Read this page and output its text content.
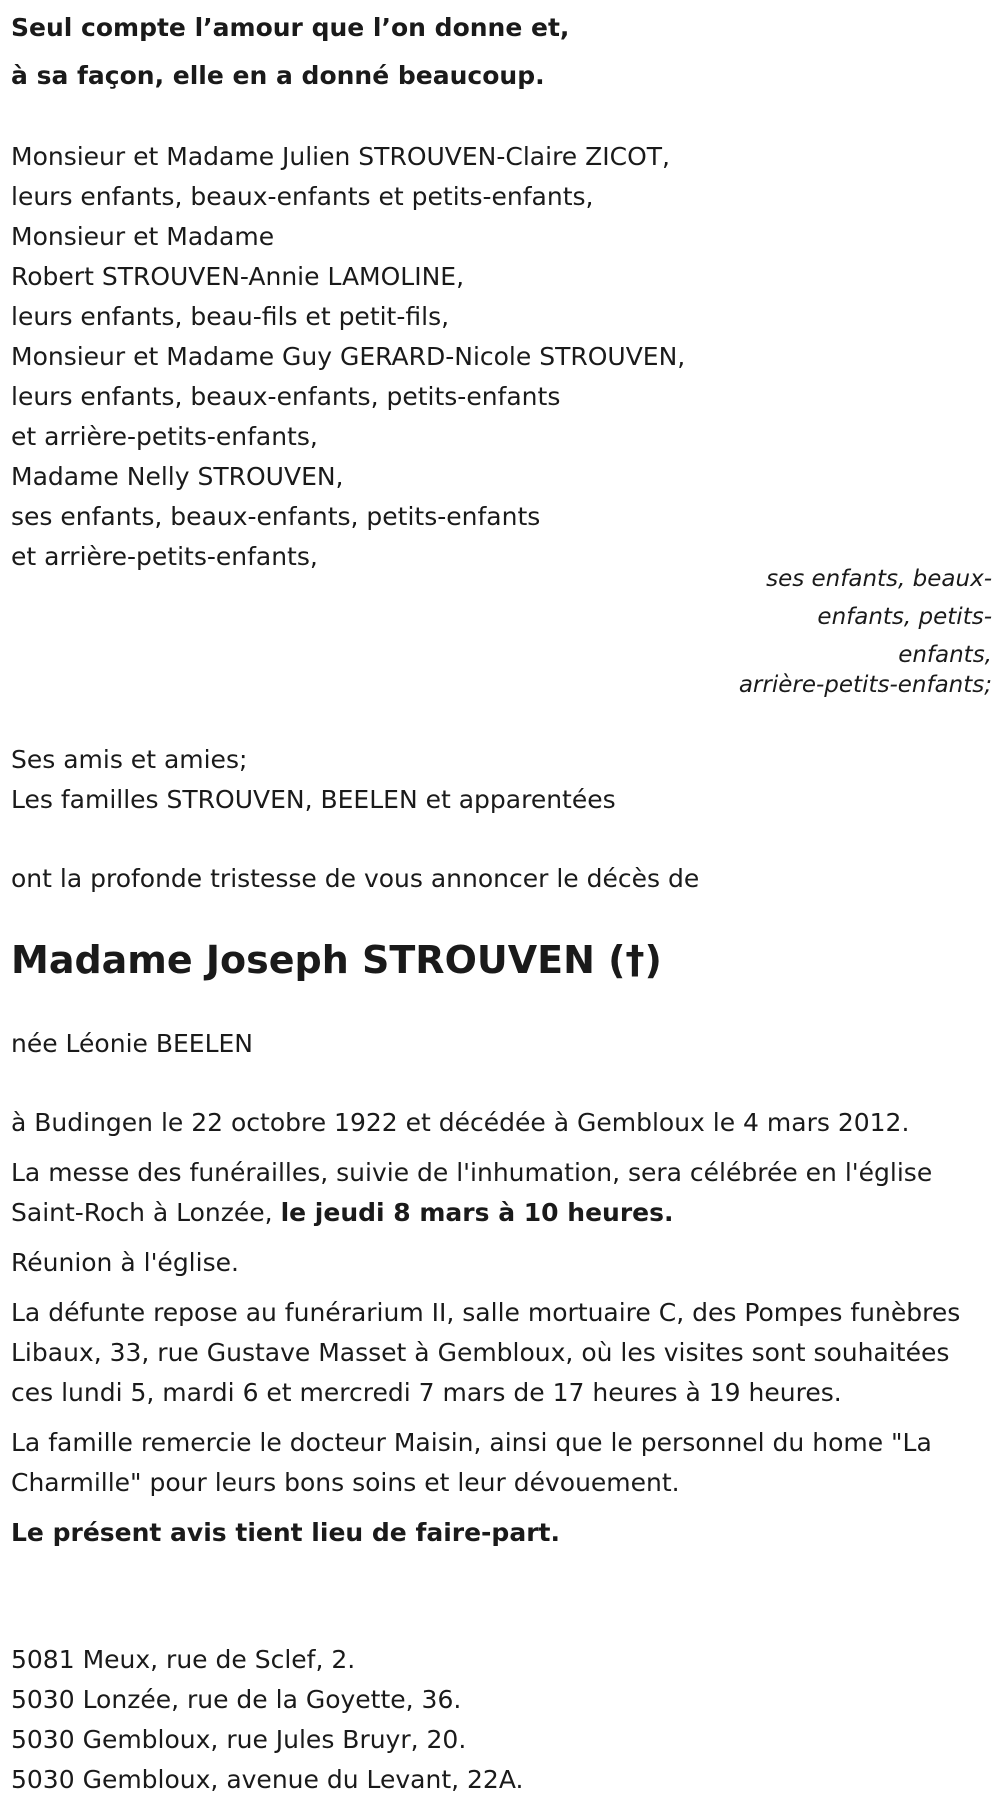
Seul compte l’amour que l’on donne et,
à sa façon, elle en a donné beaucoup.
Monsieur et Madame Julien STROUVEN-Claire ZICOT,
leurs enfants, beaux-enfants et petits-enfants,
Monsieur et Madame
Robert STROUVEN-Annie LAMOLINE,
leurs enfants, beau-fils et petit-fils,
Monsieur et Madame Guy GERARD-Nicole STROUVEN,
leurs enfants, beaux-enfants, petits-enfants
et arrière-petits-enfants,
Madame Nelly STROUVEN,
ses enfants, beaux-enfants, petits-enfants
et arrière-petits-enfants,
ses enfants, beaux-enfants, petits-enfants,
arrière-petits-enfants;
Ses amis et amies;
Les familles STROUVEN, BEELEN et apparentées
ont la profonde tristesse de vous annoncer le décès de
Madame Joseph STROUVEN (†)
née Léonie BEELEN

à Budingen le 22 octobre 1922 et décédée à Gembloux le 4 mars 2012.

La messe des funérailles, suivie de l'inhumation, sera célébrée en l'église Saint-Roch à Lonzée, le jeudi 8 mars à 10 heures.

Réunion à l'église.

La défunte repose au funérarium II, salle mortuaire C, des Pompes funèbres Libaux, 33, rue Gustave Masset à Gembloux, où les visites sont souhaitées ces lundi 5, mardi 6 et mercredi 7 mars de 17 heures à 19 heures.

La famille remercie le docteur Maisin, ainsi que le personnel du home "La Charmille" pour leurs bons soins et leur dévouement.

Le présent avis tient lieu de faire-part.

5081 Meux, rue de Sclef, 2.
5030 Lonzée, rue de la Goyette, 36.
5030 Gembloux, rue Jules Bruyr, 20.
5030 Gembloux, avenue du Levant, 22A.
